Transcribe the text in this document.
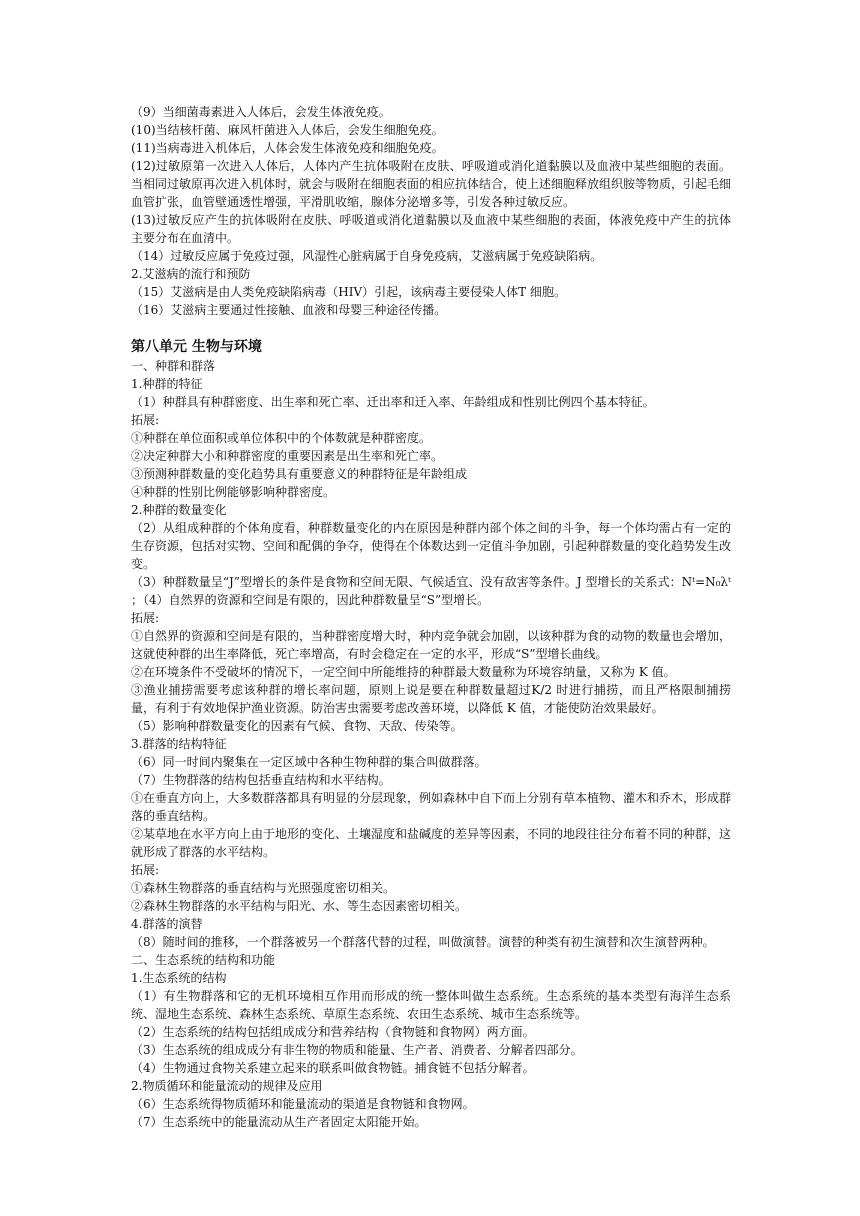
（9）当细菌毒素进入人体后，会发生体液免疫。

(10)当结核杆菌、麻风杆菌进入人体后，会发生细胞免疫。

(11)当病毒进入机体后，人体会发生体液免疫和细胞免疫。

(12)过敏原第一次进入人体后，人体内产生抗体吸附在皮肤、呼吸道或消化道黏膜以及血液中某些细胞的表面。当相同过敏原再次进入机体时，就会与吸附在细胞表面的相应抗体结合，使上述细胞释放组织胺等物质，引起毛细血管扩张，血管壁通透性增强，平滑肌收缩，腺体分泌增多等，引发各种过敏反应。

(13)过敏反应产生的抗体吸附在皮肤、呼吸道或消化道黏膜以及血液中某些细胞的表面，体液免疫中产生的抗体主要分布在血清中。

（14）过敏反应属于免疫过强，风湿性心脏病属于自身免疫病，艾滋病属于免疫缺陷病。

2.艾滋病的流行和预防

（15）艾滋病是由人类免疫缺陷病毒（HIV）引起，该病毒主要侵染人体T 细胞。

（16）艾滋病主要通过性接触、血液和母婴三种途径传播。

第八单元 生物与环境

一、种群和群落

1.种群的特征

（1）种群具有种群密度、出生率和死亡率、迁出率和迁入率、年龄组成和性别比例四个基本特征。

拓展:

①种群在单位面积或单位体积中的个体数就是种群密度。

②决定种群大小和种群密度的重要因素是出生率和死亡率。

③预测种群数量的变化趋势具有重要意义的种群特征是年龄组成

④种群的性别比例能够影响种群密度。

2.种群的数量变化

（2）从组成种群的个体角度看，种群数量变化的内在原因是种群内部个体之间的斗争，每一个体均需占有一定的生存资源，包括对实物、空间和配偶的争夺，使得在个体数达到一定值斗争加剧，引起种群数量的变化趋势发生改变。

（3）种群数量呈“J”型增长的条件是食物和空间无限、气候适宜、没有敌害等条件。J 型增长的关系式：Nᵗ=N₀λᵗ ；（4）自然界的资源和空间是有限的，因此种群数量呈“S”型增长。

拓展:

①自然界的资源和空间是有限的，当种群密度增大时，种内竞争就会加剧，以该种群为食的动物的数量也会增加，这就使种群的出生率降低，死亡率增高，有时会稳定在一定的水平，形成“S”型增长曲线。

②在环境条件不受破坏的情况下，一定空间中所能维持的种群最大数量称为环境容纳量，又称为 K 值。

③渔业捕捞需要考虑该种群的增长率问题，原则上说是要在种群数量超过K/2 时进行捕捞，而且严格限制捕捞量，有利于有效地保护渔业资源。防治害虫需要考虑改善环境，以降低 K 值，才能使防治效果最好。

（5）影响种群数量变化的因素有气候、食物、天敌、传染等。

3.群落的结构特征

（6）同一时间内聚集在一定区域中各种生物种群的集合叫做群落。

（7）生物群落的结构包括垂直结构和水平结构。

①在垂直方向上，大多数群落都具有明显的分层现象，例如森林中自下而上分别有草本植物、灌木和乔木，形成群落的垂直结构。

②某草地在水平方向上由于地形的变化、土壤湿度和盐碱度的差异等因素，不同的地段往往分布着不同的种群，这就形成了群落的水平结构。

拓展:

①森林生物群落的垂直结构与光照强度密切相关。

②森林生物群落的水平结构与阳光、水、等生态因素密切相关。

4.群落的演替

（8）随时间的推移，一个群落被另一个群落代替的过程，叫做演替。演替的种类有初生演替和次生演替两种。

二、生态系统的结构和功能

1.生态系统的结构

（1）有生物群落和它的无机环境相互作用而形成的统一整体叫做生态系统。生态系统的基本类型有海洋生态系统、湿地生态系统、森林生态系统、草原生态系统、农田生态系统、城市生态系统等。

（2）生态系统的结构包括组成成分和营养结构（食物链和食物网）两方面。

（3）生态系统的组成成分有非生物的物质和能量、生产者、消费者、分解者四部分。

（4）生物通过食物关系建立起来的联系叫做食物链。捕食链不包括分解者。

2.物质循环和能量流动的规律及应用

（6）生态系统得物质循环和能量流动的渠道是食物链和食物网。

（7）生态系统中的能量流动从生产者固定太阳能开始。
